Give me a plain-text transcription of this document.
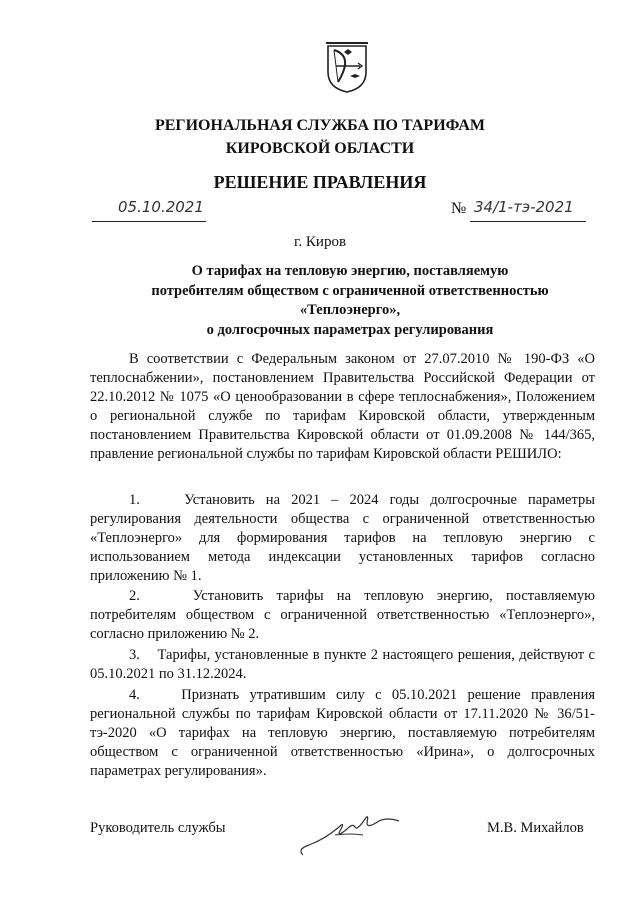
РЕГИОНАЛЬНАЯ СЛУЖБА ПО ТАРИФАМ
КИРОВСКОЙ ОБЛАСТИ
РЕШЕНИЕ ПРАВЛЕНИЯ
05.10.2021	№ 34/1-тэ-2021
г. Киров
О тарифах на тепловую энергию, поставляемую
потребителям обществом с ограниченной ответственностью
«Теплоэнерго»,
о долгосрочных параметрах регулирования
В соответствии с Федеральным законом от 27.07.2010 № 190-ФЗ «О теплоснабжении», постановлением Правительства Российской Федерации от 22.10.2012 № 1075 «О ценообразовании в сфере теплоснабжения», Положением о региональной службе по тарифам Кировской области, утвержденным постановлением Правительства Кировской области от 01.09.2008 № 144/365, правление региональной службы по тарифам Кировской области РЕШИЛО:
1.    Установить на 2021 – 2024 годы долгосрочные параметры регулирования деятельности общества с ограниченной ответственностью «Теплоэнерго» для формирования тарифов на тепловую энергию с использованием метода индексации установленных тарифов согласно приложению № 1.
2.    Установить тарифы на тепловую энергию, поставляемую потребителям обществом с ограниченной ответственностью «Теплоэнерго», согласно приложению № 2.
3.    Тарифы, установленные в пункте 2 настоящего решения, действуют с 05.10.2021 по 31.12.2024.
4.    Признать утратившим силу с 05.10.2021 решение правления региональной службы по тарифам Кировской области от 17.11.2020 № 36/51-тэ-2020 «О тарифах на тепловую энергию, поставляемую потребителям обществом с ограниченной ответственностью «Ирина», о долгосрочных параметрах регулирования».
Руководитель службы	М.В. Михайлов
